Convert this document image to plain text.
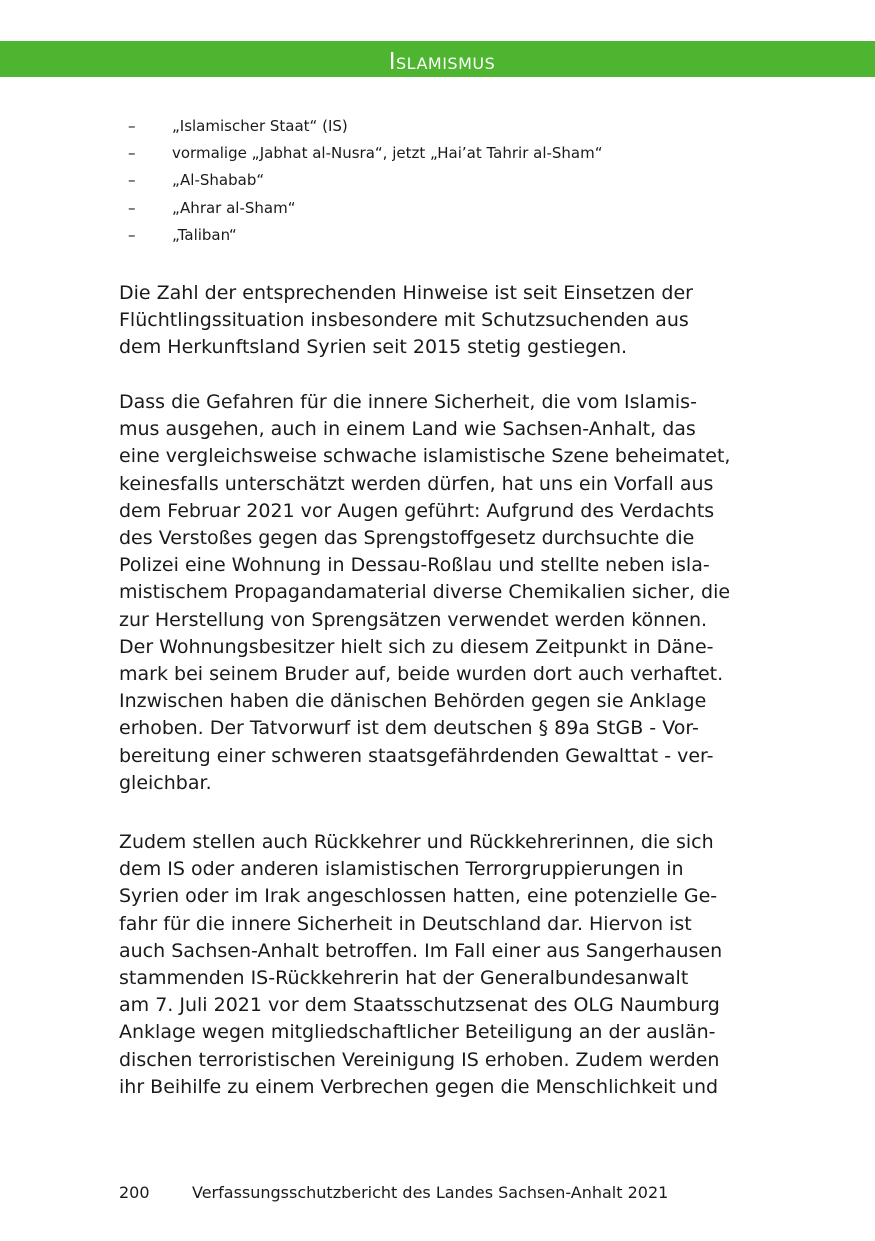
Islamismus
– „Islamischer Staat“ (IS)
– vormalige „Jabhat al-Nusra“, jetzt „Hai’at Tahrir al-Sham“
– „Al-Shabab“
– „Ahrar al-Sham“
– „Taliban“

Die Zahl der entsprechenden Hinweise ist seit Einsetzen der
Flüchtlingssituation insbesondere mit Schutzsuchenden aus
dem Herkunftsland Syrien seit 2015 stetig gestiegen.

Dass die Gefahren für die innere Sicherheit, die vom Islamis-
mus ausgehen, auch in einem Land wie Sachsen-Anhalt, das
eine vergleichsweise schwache islamistische Szene beheimatet,
keinesfalls unterschätzt werden dürfen, hat uns ein Vorfall aus
dem Februar 2021 vor Augen geführt: Aufgrund des Verdachts
des Verstoßes gegen das Sprengstoffgesetz durchsuchte die
Polizei eine Wohnung in Dessau-Roßlau und stellte neben isla-
mistischem Propagandamaterial diverse Chemikalien sicher, die
zur Herstellung von Sprengsätzen verwendet werden können.
Der Wohnungsbesitzer hielt sich zu diesem Zeitpunkt in Däne-
mark bei seinem Bruder auf, beide wurden dort auch verhaftet.
Inzwischen haben die dänischen Behörden gegen sie Anklage
erhoben. Der Tatvorwurf ist dem deutschen § 89a StGB - Vor-
bereitung einer schweren staatsgefährdenden Gewalttat - ver-
gleichbar.

Zudem stellen auch Rückkehrer und Rückkehrerinnen, die sich
dem IS oder anderen islamistischen Terrorgruppierungen in
Syrien oder im Irak angeschlossen hatten, eine potenzielle Ge-
fahr für die innere Sicherheit in Deutschland dar. Hiervon ist
auch Sachsen-Anhalt betroffen. Im Fall einer aus Sangerhausen
stammenden IS-Rückkehrerin hat der Generalbundesanwalt
am 7. Juli 2021 vor dem Staatsschutzsenat des OLG Naumburg
Anklage wegen mitgliedschaftlicher Beteiligung an der auslän-
dischen terroristischen Vereinigung IS erhoben. Zudem werden
ihr Beihilfe zu einem Verbrechen gegen die Menschlichkeit und

200	Verfassungsschutzbericht des Landes Sachsen-Anhalt 2021
